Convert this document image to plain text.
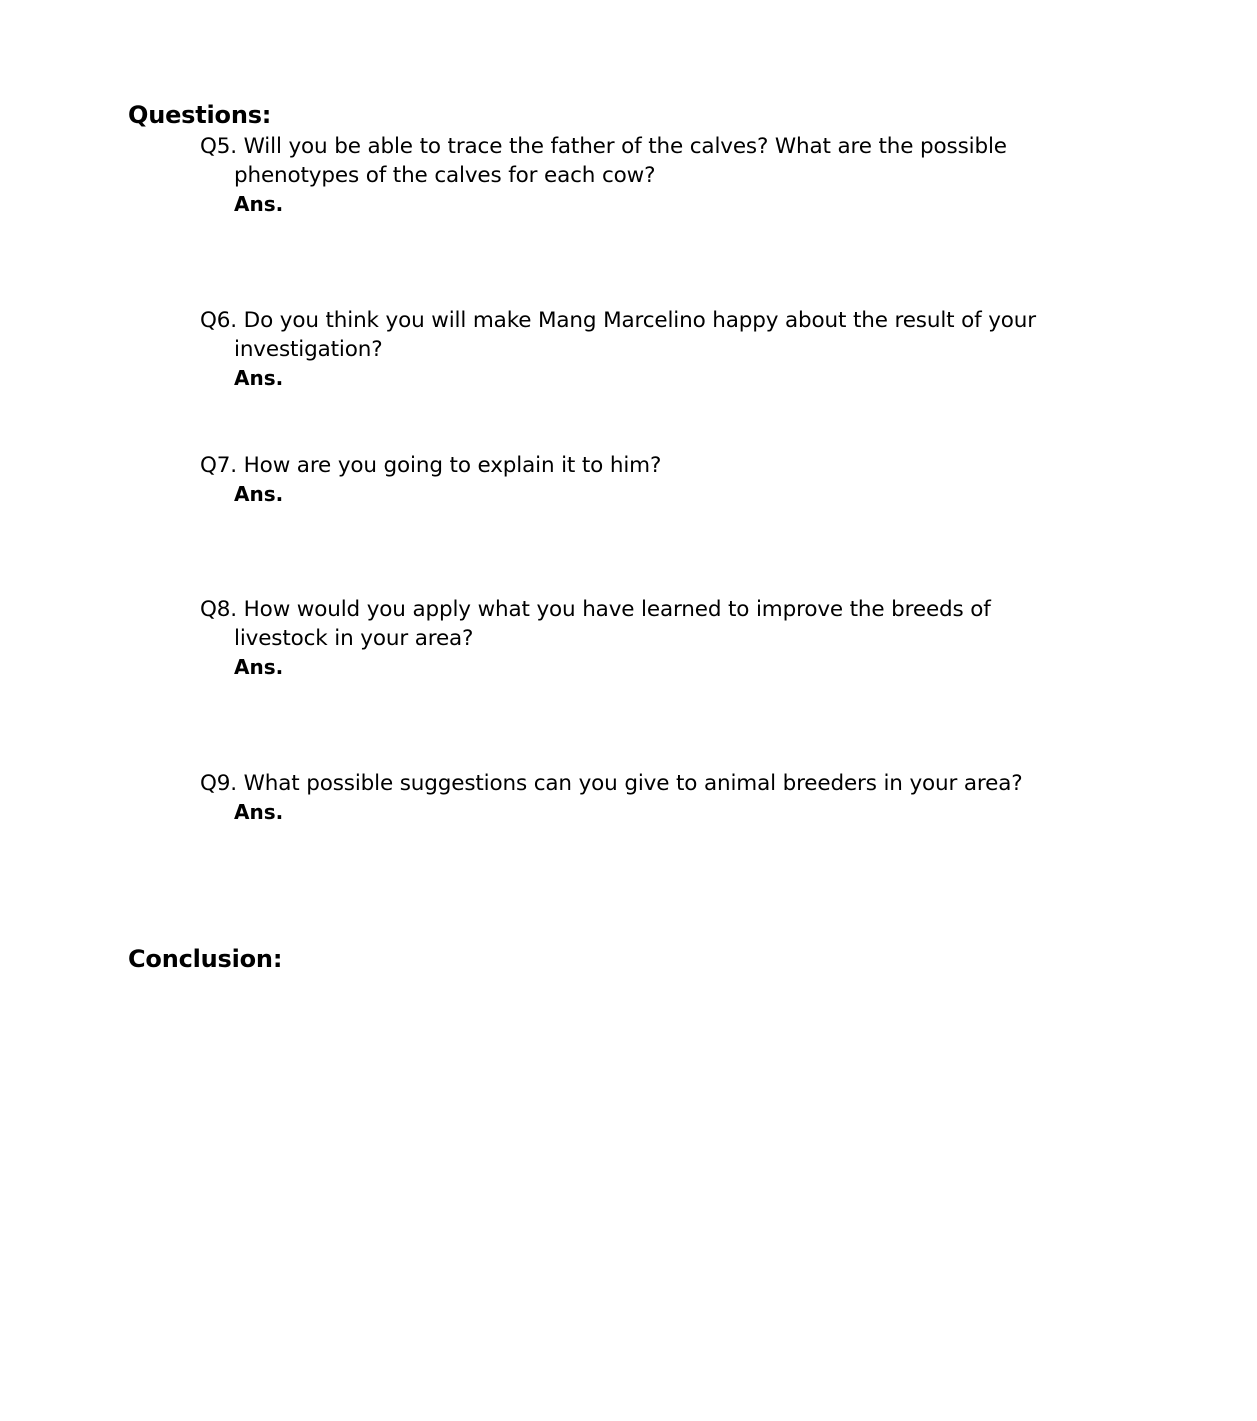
Questions:

Q5. Will you be able to trace the father of the calves? What are the possible phenotypes of the calves for each cow?

Ans.

Q6. Do you think you will make Mang Marcelino happy about the result of your investigation?

Ans.

Q7. How are you going to explain it to him?

Ans.

Q8. How would you apply what you have learned to improve the breeds of livestock in your area?

Ans.

Q9. What possible suggestions can you give to animal breeders in your area?

Ans.

Conclusion:
